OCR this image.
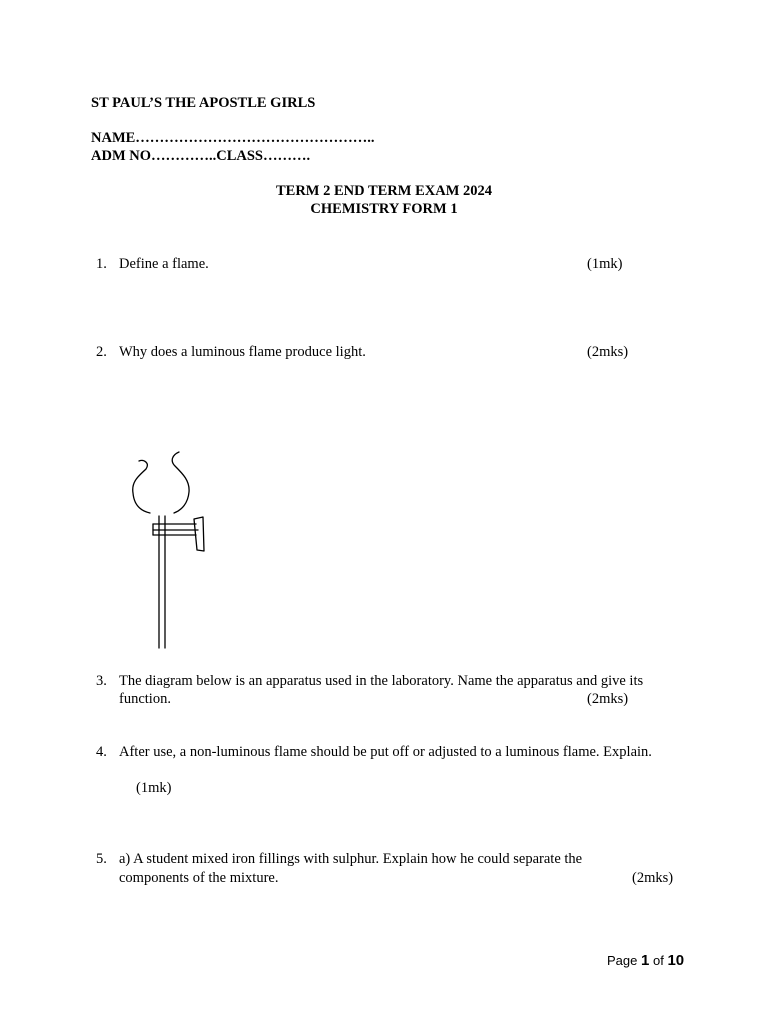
ST PAUL’S THE APOSTLE GIRLS
NAME…………………………………………..
ADM NO…………..CLASS……….
TERM 2 END TERM EXAM 2024
CHEMISTRY FORM 1
1. Define a flame.	(1mk)
2. Why does a luminous flame produce light.	(2mks)
3. The diagram below is an apparatus used in the laboratory. Name the apparatus and give its
function.	(2mks)
4. After use, a non-luminous flame should be put off or adjusted to a luminous flame. Explain.
(1mk)
5. a) A student mixed iron fillings with sulphur. Explain how he could separate the
components of the mixture.	(2mks)
Page 1 of 10
